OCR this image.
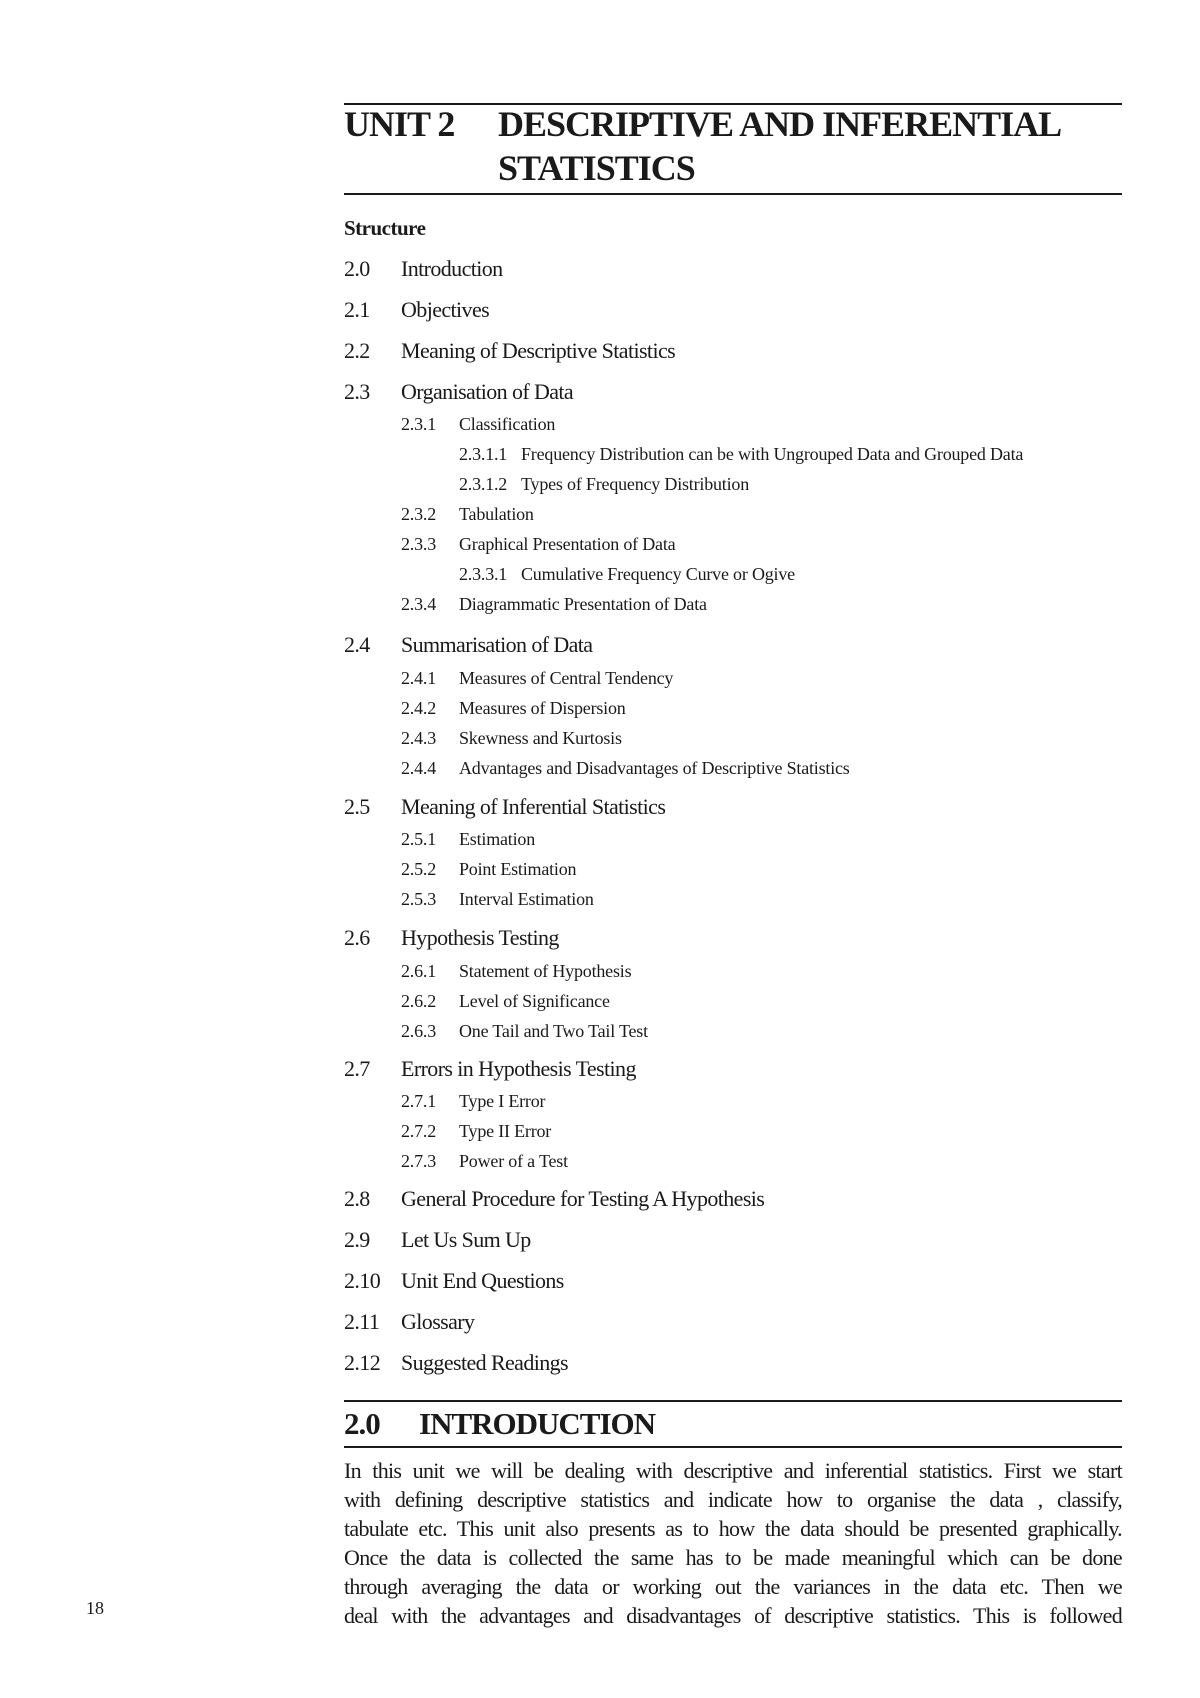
UNIT 2 DESCRIPTIVE AND INFERENTIAL
STATISTICS
Structure
2.0 Introduction
2.1 Objectives
2.2 Meaning of Descriptive Statistics
2.3 Organisation of Data
2.3.1 Classification
2.3.1.1 Frequency Distribution can be with Ungrouped Data and Grouped Data
2.3.1.2 Types of Frequency Distribution
2.3.2 Tabulation
2.3.3 Graphical Presentation of Data
2.3.3.1 Cumulative Frequency Curve or Ogive
2.3.4 Diagrammatic Presentation of Data
2.4 Summarisation of Data
2.4.1 Measures of Central Tendency
2.4.2 Measures of Dispersion
2.4.3 Skewness and Kurtosis
2.4.4 Advantages and Disadvantages of Descriptive Statistics
2.5 Meaning of Inferential Statistics
2.5.1 Estimation
2.5.2 Point Estimation
2.5.3 Interval Estimation
2.6 Hypothesis Testing
2.6.1 Statement of Hypothesis
2.6.2 Level of Significance
2.6.3 One Tail and Two Tail Test
2.7 Errors in Hypothesis Testing
2.7.1 Type I Error
2.7.2 Type II Error
2.7.3 Power of a Test
2.8 General Procedure for Testing A Hypothesis
2.9 Let Us Sum Up
2.10 Unit End Questions
2.11 Glossary
2.12 Suggested Readings
2.0 INTRODUCTION
In this unit we will be dealing with descriptive and inferential statistics. First we start
with defining descriptive statistics and indicate how to organise the data , classify,
tabulate etc. This unit also presents as to how the data should be presented graphically.
Once the data is collected the same has to be made meaningful which can be done
through averaging the data or working out the variances in the data etc. Then we
deal with the advantages and disadvantages of descriptive statistics. This is followed
18
